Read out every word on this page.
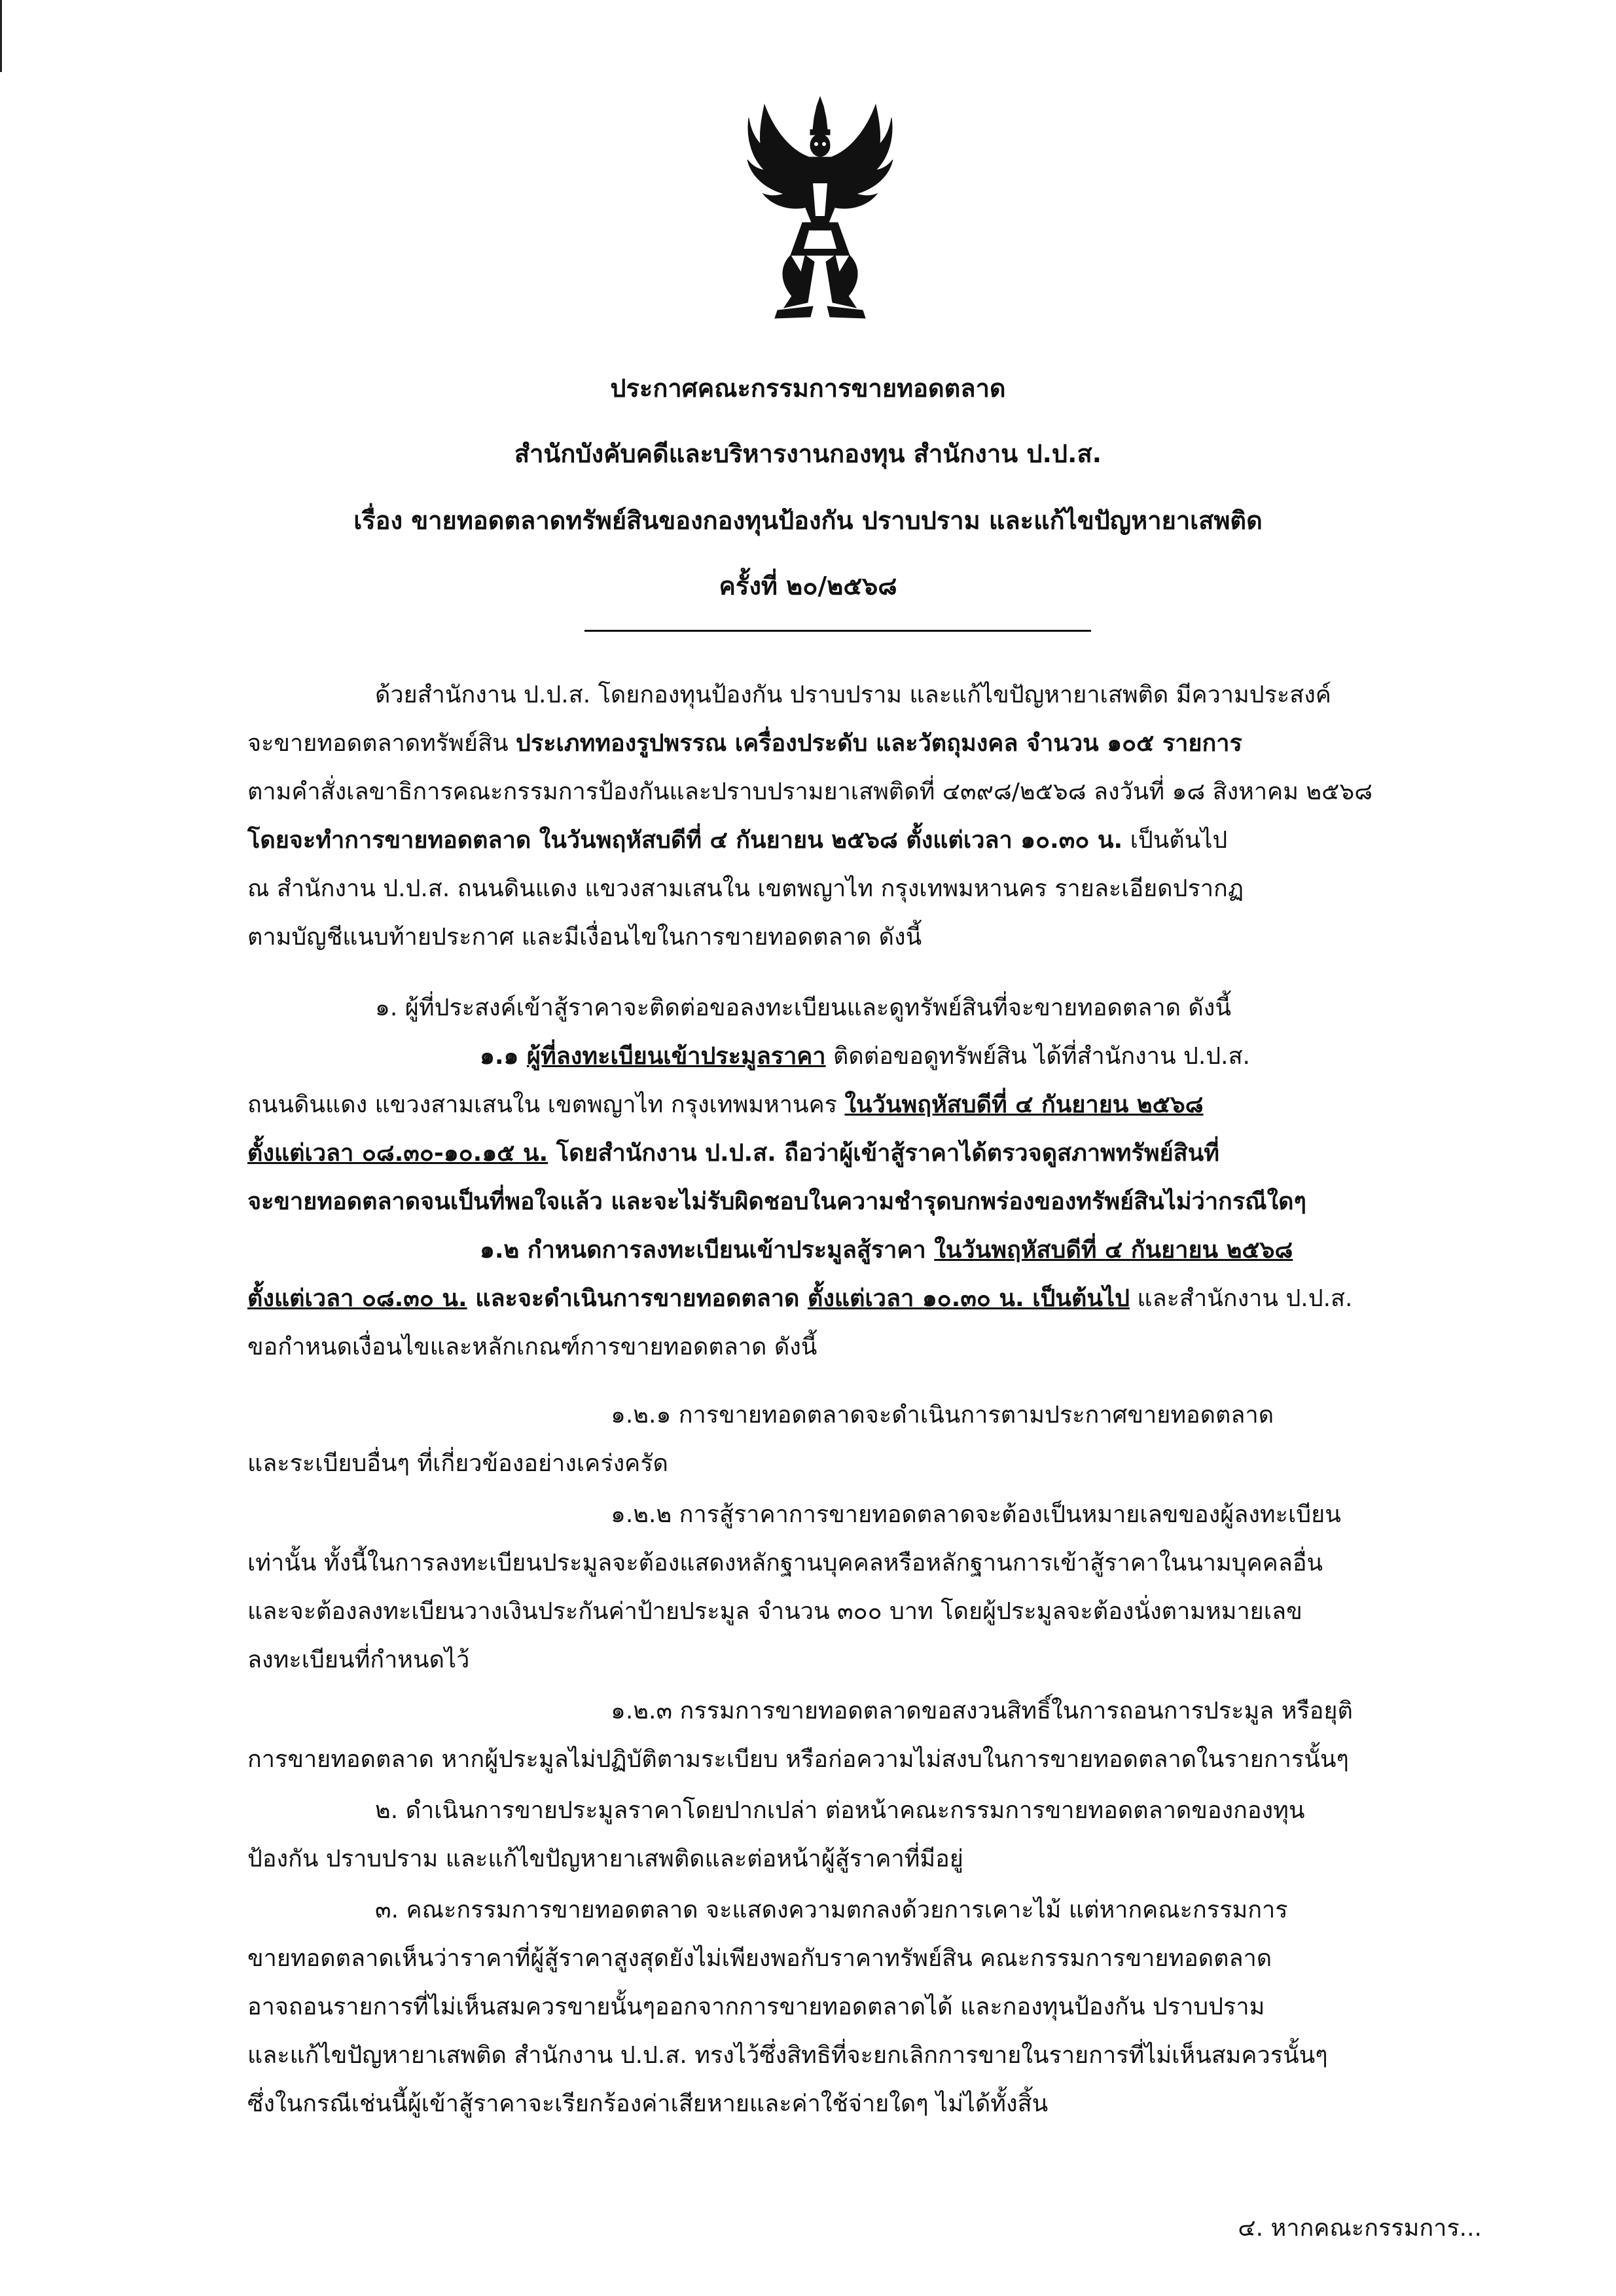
ประกาศคณะกรรมการขายทอดตลาด
สำนักบังคับคดีและบริหารงานกองทุน สำนักงาน ป.ป.ส.
เรื่อง ขายทอดตลาดทรัพย์สินของกองทุนป้องกัน ปราบปราม และแก้ไขปัญหายาเสพติด
ครั้งที่ ๒๐/๒๕๖๘
ด้วยสำนักงาน ป.ป.ส. โดยกองทุนป้องกัน ปราบปราม และแก้ไขปัญหายาเสพติด มีความประสงค์
จะขายทอดตลาดทรัพย์สิน ประเภททองรูปพรรณ เครื่องประดับ และวัตถุมงคล จำนวน ๑๐๕ รายการ
ตามคำสั่งเลขาธิการคณะกรรมการป้องกันและปราบปรามยาเสพติดที่ ๔๓๙๘/๒๕๖๘ ลงวันที่ ๑๘ สิงหาคม ๒๕๖๘
โดยจะทำการขายทอดตลาด ในวันพฤหัสบดีที่ ๔ กันยายน ๒๕๖๘ ตั้งแต่เวลา ๑๐.๓๐ น. เป็นต้นไป
ณ สำนักงาน ป.ป.ส. ถนนดินแดง แขวงสามเสนใน เขตพญาไท กรุงเทพมหานคร รายละเอียดปรากฏ
ตามบัญชีแนบท้ายประกาศ และมีเงื่อนไขในการขายทอดตลาด ดังนี้
๑. ผู้ที่ประสงค์เข้าสู้ราคาจะติดต่อขอลงทะเบียนและดูทรัพย์สินที่จะขายทอดตลาด ดังนี้
๑.๑ ผู้ที่ลงทะเบียนเข้าประมูลราคา ติดต่อขอดูทรัพย์สิน ได้ที่สำนักงาน ป.ป.ส.
ถนนดินแดง แขวงสามเสนใน เขตพญาไท กรุงเทพมหานคร ในวันพฤหัสบดีที่ ๔ กันยายน ๒๕๖๘
ตั้งแต่เวลา ๐๘.๓๐-๑๐.๑๕ น. โดยสำนักงาน ป.ป.ส. ถือว่าผู้เข้าสู้ราคาได้ตรวจดูสภาพทรัพย์สินที่
จะขายทอดตลาดจนเป็นที่พอใจแล้ว และจะไม่รับผิดชอบในความชำรุดบกพร่องของทรัพย์สินไม่ว่ากรณีใดๆ
๑.๒ กำหนดการลงทะเบียนเข้าประมูลสู้ราคา ในวันพฤหัสบดีที่ ๔ กันยายน ๒๕๖๘
ตั้งแต่เวลา ๐๘.๓๐ น. และจะดำเนินการขายทอดตลาด ตั้งแต่เวลา ๑๐.๓๐ น. เป็นต้นไป และสำนักงาน ป.ป.ส.
ขอกำหนดเงื่อนไขและหลักเกณฑ์การขายทอดตลาด ดังนี้
๑.๒.๑ การขายทอดตลาดจะดำเนินการตามประกาศขายทอดตลาด
และระเบียบอื่นๆ ที่เกี่ยวข้องอย่างเคร่งครัด
๑.๒.๒ การสู้ราคาการขายทอดตลาดจะต้องเป็นหมายเลขของผู้ลงทะเบียน
เท่านั้น ทั้งนี้ในการลงทะเบียนประมูลจะต้องแสดงหลักฐานบุคคลหรือหลักฐานการเข้าสู้ราคาในนามบุคคลอื่น
และจะต้องลงทะเบียนวางเงินประกันค่าป้ายประมูล จำนวน ๓๐๐ บาท โดยผู้ประมูลจะต้องนั่งตามหมายเลข
ลงทะเบียนที่กำหนดไว้
๑.๒.๓ กรรมการขายทอดตลาดขอสงวนสิทธิ์ในการถอนการประมูล หรือยุติ
การขายทอดตลาด หากผู้ประมูลไม่ปฏิบัติตามระเบียบ หรือก่อความไม่สงบในการขายทอดตลาดในรายการนั้นๆ
๒. ดำเนินการขายประมูลราคาโดยปากเปล่า ต่อหน้าคณะกรรมการขายทอดตลาดของกองทุน
ป้องกัน ปราบปราม และแก้ไขปัญหายาเสพติดและต่อหน้าผู้สู้ราคาที่มีอยู่
๓. คณะกรรมการขายทอดตลาด จะแสดงความตกลงด้วยการเคาะไม้ แต่หากคณะกรรมการ
ขายทอดตลาดเห็นว่าราคาที่ผู้สู้ราคาสูงสุดยังไม่เพียงพอกับราคาทรัพย์สิน คณะกรรมการขายทอดตลาด
อาจถอนรายการที่ไม่เห็นสมควรขายนั้นๆออกจากการขายทอดตลาดได้ และกองทุนป้องกัน ปราบปราม
และแก้ไขปัญหายาเสพติด สำนักงาน ป.ป.ส. ทรงไว้ซึ่งสิทธิที่จะยกเลิกการขายในรายการที่ไม่เห็นสมควรนั้นๆ
ซึ่งในกรณีเช่นนี้ผู้เข้าสู้ราคาจะเรียกร้องค่าเสียหายและค่าใช้จ่ายใดๆ ไม่ได้ทั้งสิ้น
๔. หากคณะกรรมการ...
